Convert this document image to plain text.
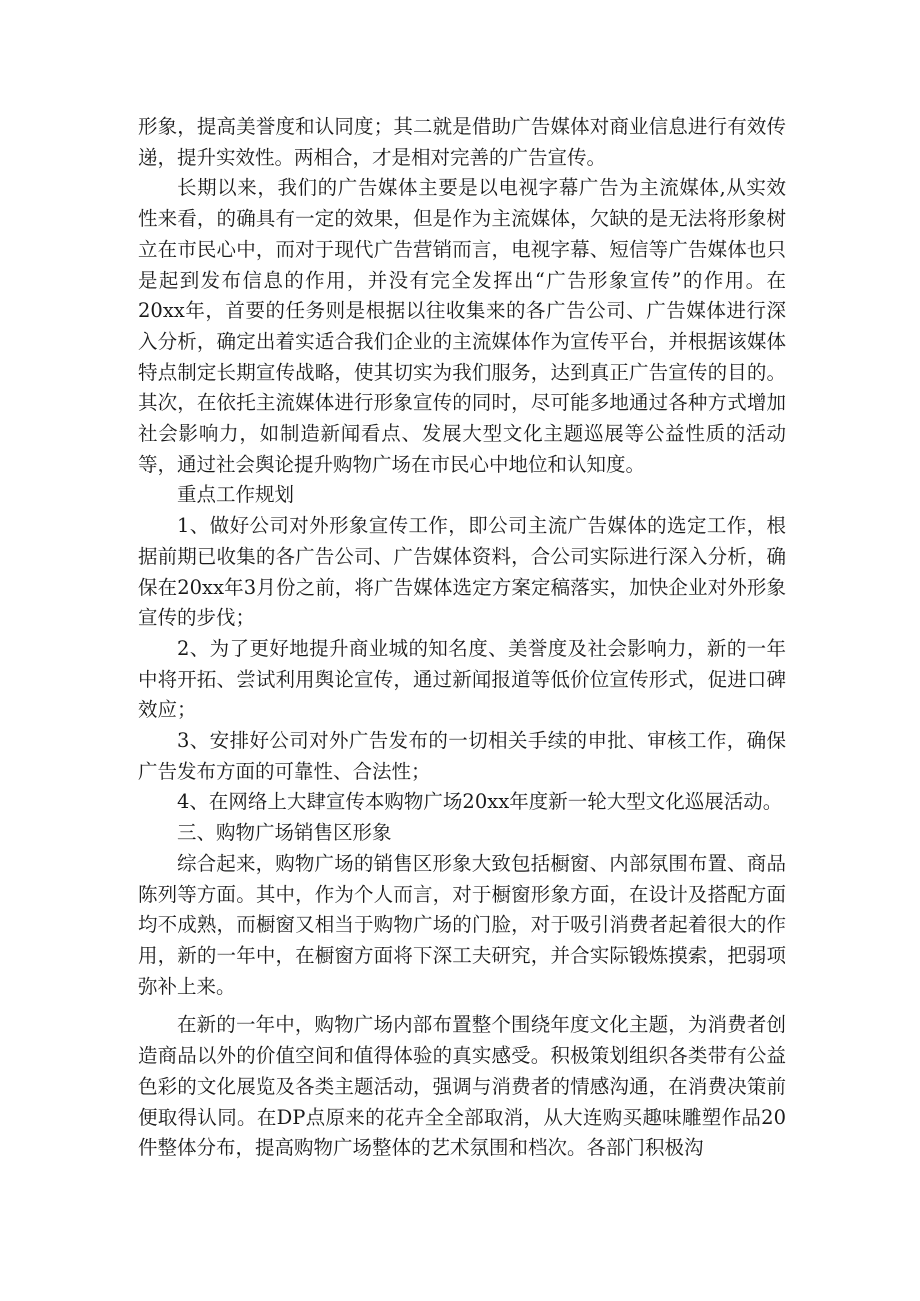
形象，提高美誉度和认同度；其二就是借助广告媒体对商业信息进行有效传递，提升实效性。两相合，才是相对完善的广告宣传。

长期以来，我们的广告媒体主要是以电视字幕广告为主流媒体,从实效性来看，的确具有一定的效果，但是作为主流媒体，欠缺的是无法将形象树立在市民心中，而对于现代广告营销而言，电视字幕、短信等广告媒体也只是起到发布信息的作用，并没有完全发挥出“广告形象宣传”的作用。在20xx年，首要的任务则是根据以往收集来的各广告公司、广告媒体进行深入分析，确定出着实适合我们企业的主流媒体作为宣传平台，并根据该媒体特点制定长期宣传战略，使其切实为我们服务，达到真正广告宣传的目的。其次，在依托主流媒体进行形象宣传的同时，尽可能多地通过各种方式增加社会影响力，如制造新闻看点、发展大型文化主题巡展等公益性质的活动等，通过社会舆论提升购物广场在市民心中地位和认知度。

重点工作规划

1、做好公司对外形象宣传工作，即公司主流广告媒体的选定工作，根据前期已收集的各广告公司、广告媒体资料，合公司实际进行深入分析，确保在20xx年3月份之前，将广告媒体选定方案定稿落实，加快企业对外形象宣传的步伐；

2、为了更好地提升商业城的知名度、美誉度及社会影响力，新的一年中将开拓、尝试利用舆论宣传，通过新闻报道等低价位宣传形式，促进口碑效应；

3、安排好公司对外广告发布的一切相关手续的申批、审核工作，确保广告发布方面的可靠性、合法性；

4、在网络上大肆宣传本购物广场20xx年度新一轮大型文化巡展活动。

三、购物广场销售区形象

综合起来，购物广场的销售区形象大致包括橱窗、内部氛围布置、商品陈列等方面。其中，作为个人而言，对于橱窗形象方面，在设计及搭配方面均不成熟，而橱窗又相当于购物广场的门脸，对于吸引消费者起着很大的作用，新的一年中，在橱窗方面将下深工夫研究，并合实际锻炼摸索，把弱项弥补上来。

在新的一年中，购物广场内部布置整个围绕年度文化主题，为消费者创造商品以外的价值空间和值得体验的真实感受。积极策划组织各类带有公益色彩的文化展览及各类主题活动，强调与消费者的情感沟通，在消费决策前便取得认同。在DP点原来的花卉全全部取消，从大连购买趣味雕塑作品20件整体分布，提高购物广场整体的艺术氛围和档次。各部门积极沟
